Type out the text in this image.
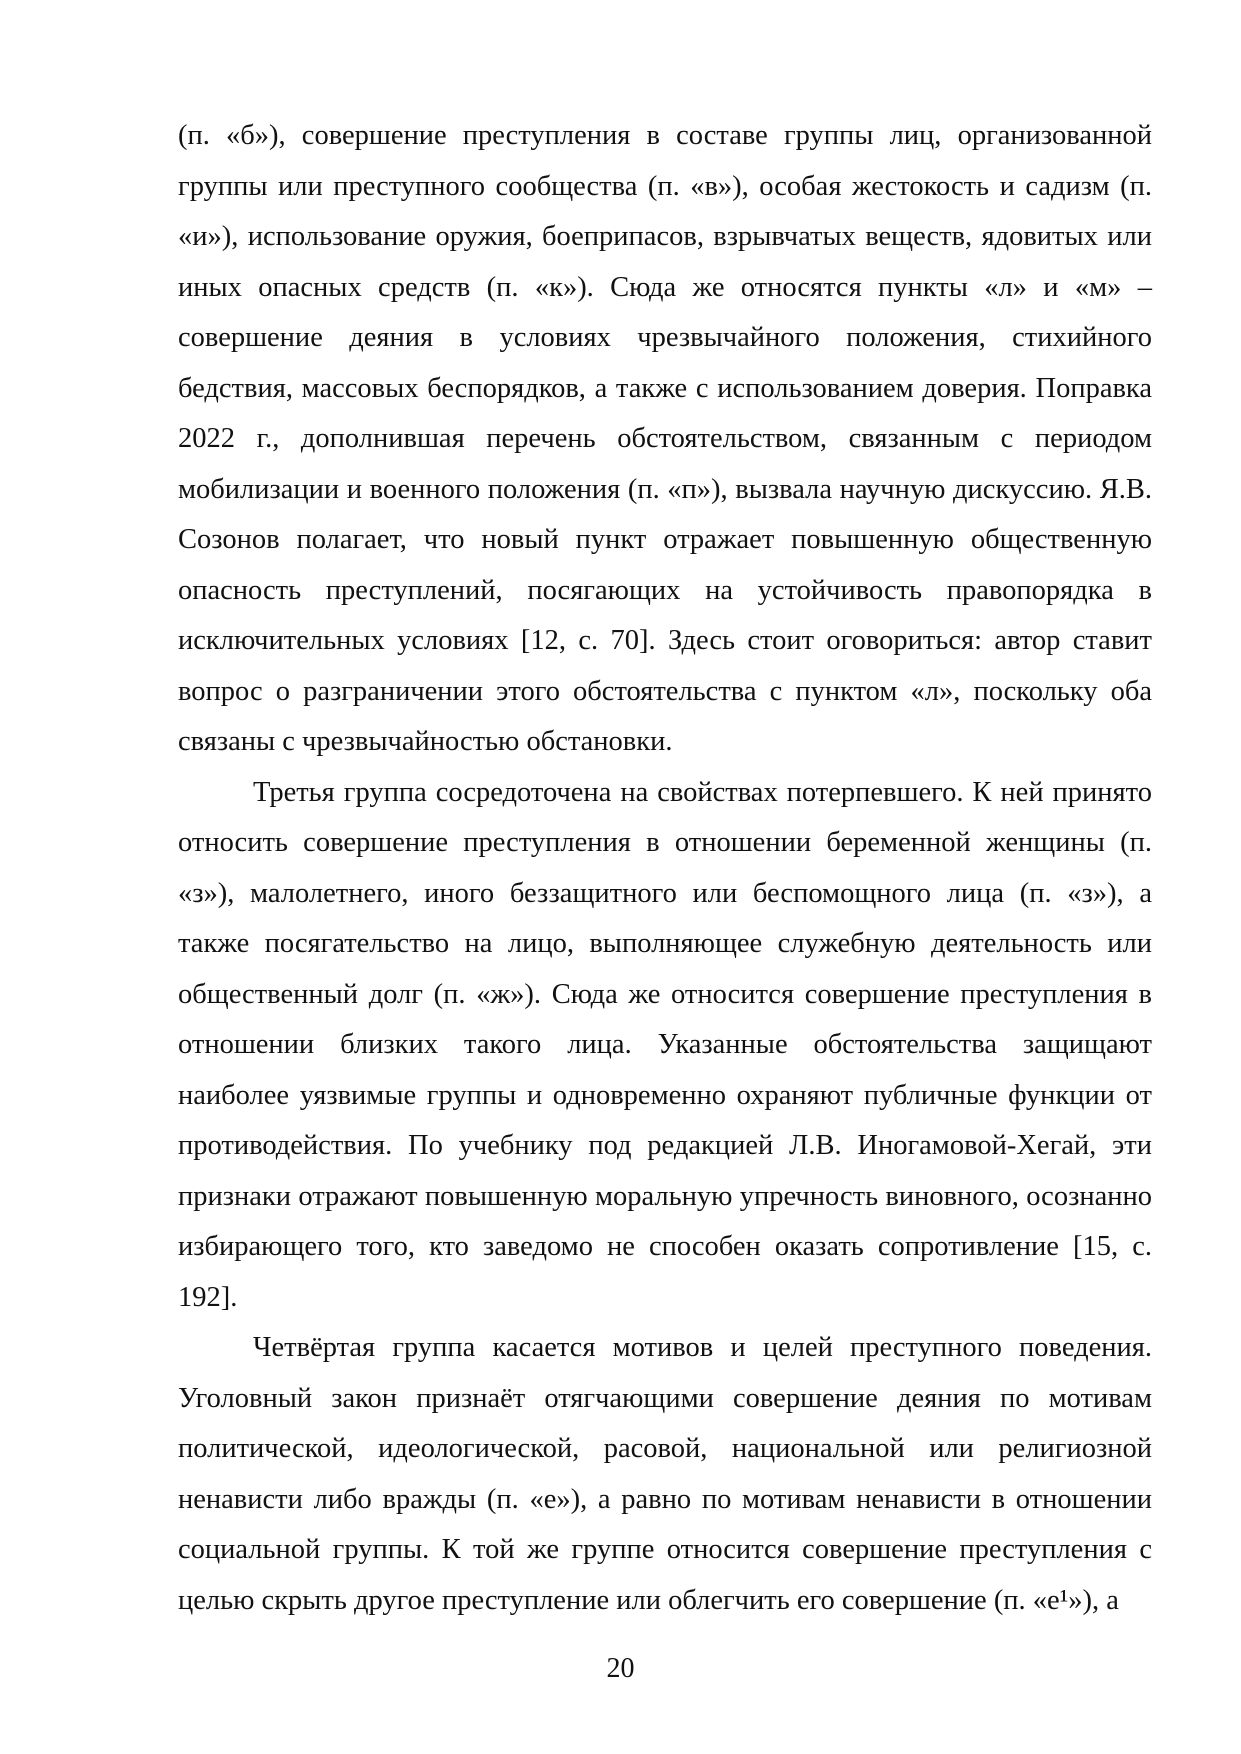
(п. «б»), совершение преступления в составе группы лиц, организованной группы или преступного сообщества (п. «в»), особая жестокость и садизм (п. «и»), использование оружия, боеприпасов, взрывчатых веществ, ядовитых или иных опасных средств (п. «к»). Сюда же относятся пункты «л» и «м» – совершение деяния в условиях чрезвычайного положения, стихийного бедствия, массовых беспорядков, а также с использованием доверия. Поправка 2022 г., дополнившая перечень обстоятельством, связанным с периодом мобилизации и военного положения (п. «п»), вызвала научную дискуссию. Я.В. Созонов полагает, что новый пункт отражает повышенную общественную опасность преступлений, посягающих на устойчивость правопорядка в исключительных условиях [12, с. 70]. Здесь стоит оговориться: автор ставит вопрос о разграничении этого обстоятельства с пунктом «л», поскольку оба связаны с чрезвычайностью обстановки.

Третья группа сосредоточена на свойствах потерпевшего. К ней принято относить совершение преступления в отношении беременной женщины (п. «з»), малолетнего, иного беззащитного или беспомощного лица (п. «з»), а также посягательство на лицо, выполняющее служебную деятельность или общественный долг (п. «ж»). Сюда же относится совершение преступления в отношении близких такого лица. Указанные обстоятельства защищают наиболее уязвимые группы и одновременно охраняют публичные функции от противодействия. По учебнику под редакцией Л.В. Иногамовой-Хегай, эти признаки отражают повышенную моральную упречность виновного, осознанно избирающего того, кто заведомо не способен оказать сопротивление [15, с. 192].

Четвёртая группа касается мотивов и целей преступного поведения. Уголовный закон признаёт отягчающими совершение деяния по мотивам политической, идеологической, расовой, национальной или религиозной ненависти либо вражды (п. «е»), а равно по мотивам ненависти в отношении социальной группы. К той же группе относится совершение преступления с целью скрыть другое преступление или облегчить его совершение (п. «е¹»), а

20
